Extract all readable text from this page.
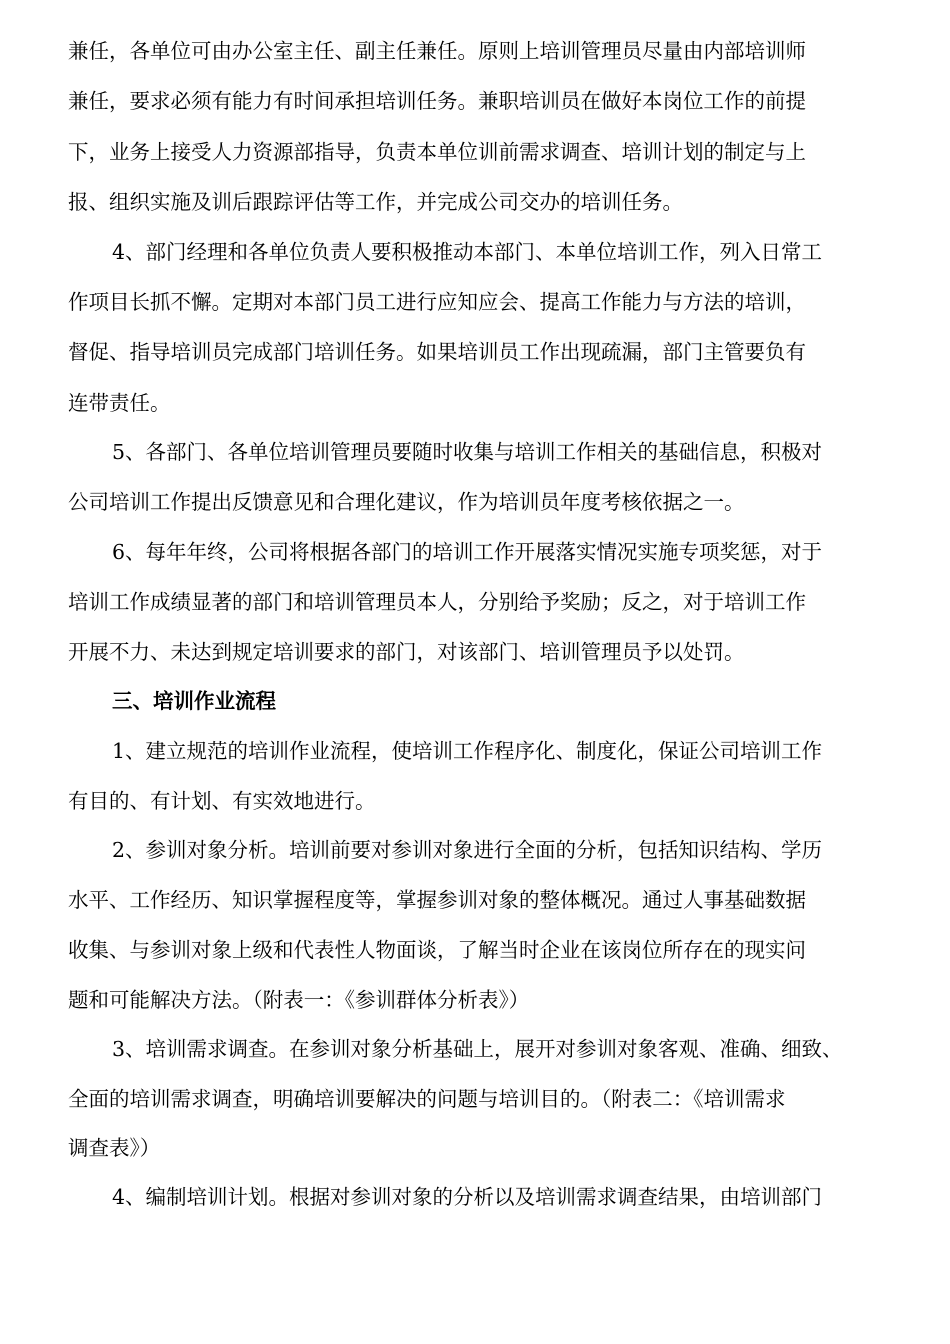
兼任，各单位可由办公室主任、副主任兼任。原则上培训管理员尽量由内部培训师
兼任，要求必须有能力有时间承担培训任务。兼职培训员在做好本岗位工作的前提
下，业务上接受人力资源部指导，负责本单位训前需求调查、培训计划的制定与上
报、组织实施及训后跟踪评估等工作，并完成公司交办的培训任务。
4、部门经理和各单位负责人要积极推动本部门、本单位培训工作，列入日常工
作项目长抓不懈。定期对本部门员工进行应知应会、提高工作能力与方法的培训，
督促、指导培训员完成部门培训任务。如果培训员工作出现疏漏，部门主管要负有
连带责任。
5、各部门、各单位培训管理员要随时收集与培训工作相关的基础信息，积极对
公司培训工作提出反馈意见和合理化建议，作为培训员年度考核依据之一。
6、每年年终，公司将根据各部门的培训工作开展落实情况实施专项奖惩，对于
培训工作成绩显著的部门和培训管理员本人，分别给予奖励；反之，对于培训工作
开展不力、未达到规定培训要求的部门，对该部门、培训管理员予以处罚。
三、培训作业流程
1、建立规范的培训作业流程，使培训工作程序化、制度化，保证公司培训工作
有目的、有计划、有实效地进行。
2、参训对象分析。培训前要对参训对象进行全面的分析，包括知识结构、学历
水平、工作经历、知识掌握程度等，掌握参训对象的整体概况。通过人事基础数据
收集、与参训对象上级和代表性人物面谈，了解当时企业在该岗位所存在的现实问
题和可能解决方法。（附表一：《参训群体分析表》）
3、培训需求调查。在参训对象分析基础上，展开对参训对象客观、准确、细致、
全面的培训需求调查，明确培训要解决的问题与培训目的。（附表二：《培训需求
调查表》）
4、编制培训计划。根据对参训对象的分析以及培训需求调查结果，由培训部门
